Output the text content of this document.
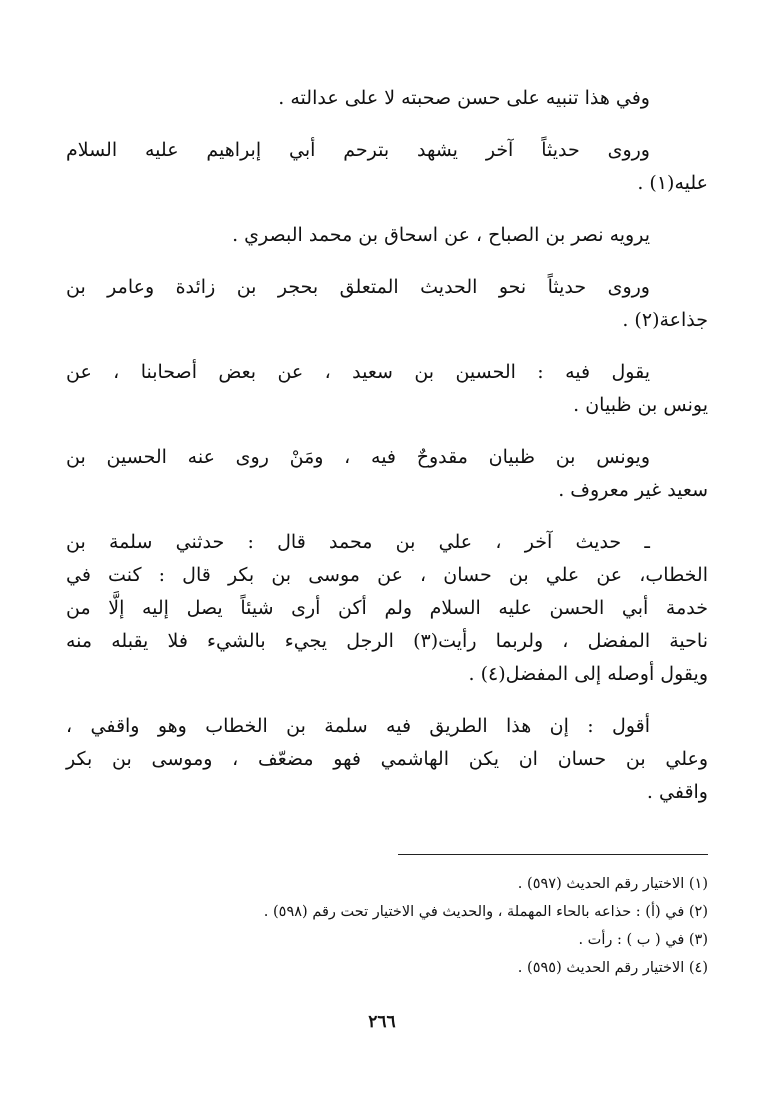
وفي هذا تنبيه على حسن صحبته لا على عدالته .
وروى حديثاً آخر يشهد بترحم أبي إبراهيم عليه السلام
عليه(١) .
يرويه نصر بن الصباح ، عن اسحاق بن محمد البصري .
وروى حديثاً نحو الحديث المتعلق بحجر بن زائدة وعامر بن
جذاعة(٢) .
يقول فيه : الحسين بن سعيد ، عن بعض أصحابنا ، عن
يونس بن ظبيان .
ويونس بن ظبيان مقدوحٌ فيه ، ومَنْ روى عنه الحسين بن
سعيد غير معروف .
ـ حديث آخر ، علي بن محمد قال : حدثني سلمة بن
الخطاب، عن علي بن حسان ، عن موسى بن بكر قال : كنت في
خدمة أبي الحسن عليه السلام ولم أكن أرى شيئاً يصل إليه إلَّا من
ناحية المفضل ، ولربما رأيت(٣) الرجل يجيء بالشيء فلا يقبله منه
ويقول أوصله إلى المفضل(٤) .
أقول : إن هذا الطريق فيه سلمة بن الخطاب وهو واقفي ،
وعلي بن حسان ان يكن الهاشمي فهو مضعّف ، وموسى بن بكر
واقفي .
(١) الاختيار رقم الحديث (٥٩٧) .
(٢) في (أ) : حذاعه بالحاء المهملة ، والحديث في الاختيار تحت رقم (٥٩٨) .
(٣) في ( ب ) : رأت .
(٤) الاختيار رقم الحديث (٥٩٥) .
٢٦٦
